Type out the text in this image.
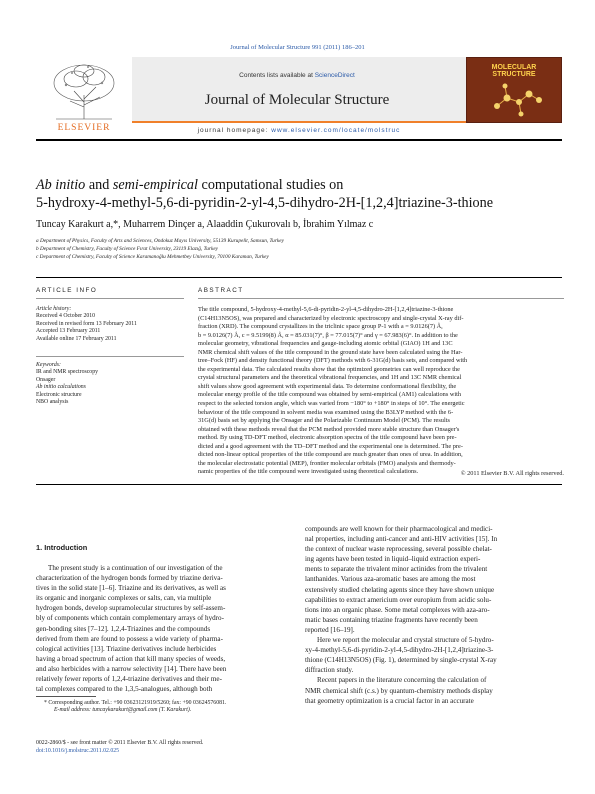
Journal of Molecular Structure 991 (2011) 186–201
ELSEVIER
Contents lists available at ScienceDirect
Journal of Molecular Structure
MOLECULAR
STRUCTURE
journal homepage: www.elsevier.com/locate/molstruc
Ab initio and semi-empirical computational studies on
5-hydroxy-4-methyl-5,6-di-pyridin-2-yl-4,5-dihydro-2H-[1,2,4]triazine-3-thione
Tuncay Karakurt a,*, Muharrem Dinçer a, Alaaddin Çukurovalı b, İbrahim Yılmaz c
a Department of Physics, Faculty of Arts and Sciences, Ondokuz Mayıs University, 55139 Kurupelit, Samsun, Turkey
b Department of Chemistry, Faculty of Science Fırat University, 23119 Elazığ, Turkey
c Department of Chemistry, Faculty of Science Karamanoğlu Mehmetbey University, 70100 Karaman, Turkey
ARTICLE INFO
Article history:
Received 4 October 2010
Received in revised form 13 February 2011
Accepted 13 February 2011
Available online 17 February 2011
Keywords:
IR and NMR spectroscopy
Onsager
Ab initio calculations
Electronic structure
NBO analysis
ABSTRACT
The title compound, 5-hydroxy-4-methyl-5,6-di-pyridin-2-yl-4,5-dihydro-2H-[1,2,4]triazine-3-thione
(C14H13N5OS), was prepared and characterized by electronic spectroscopy and single-crystal X-ray dif-
fraction (XRD). The compound crystallizes in the triclinic space group P-1 with a = 9.0126(7) Å,
b = 9.0126(7) Å, c = 9.5199(8) Å, α = 85.031(7)°, β = 77.015(7)° and γ = 67.983(6)°. In addition to the
molecular geometry, vibrational frequencies and gauge-including atomic orbital (GIAO) 1H and 13C
NMR chemical shift values of the title compound in the ground state have been calculated using the Har-
tree–Fock (HF) and density functional theory (DFT) methods with 6-31G(d) basis sets, and compared with
the experimental data. The calculated results show that the optimized geometries can well reproduce the
crystal structural parameters and the theoretical vibrational frequencies, and 1H and 13C NMR chemical
shift values show good agreement with experimental data. To determine conformational flexibility, the
molecular energy profile of the title compound was obtained by semi-empirical (AM1) calculations with
respect to the selected torsion angle, which was varied from −180° to +180° in steps of 10°. The energetic
behaviour of the title compound in solvent media was examined using the B3LYP method with the 6-
31G(d) basis set by applying the Onsager and the Polarizable Continuum Model (PCM). The results
obtained with these methods reveal that the PCM method provided more stable structure than Onsager's
method. By using TD-DFT method, electronic absorption spectra of the title compound have been pre-
dicted and a good agreement with the TD–DFT method and the experimental one is determined. The pre-
dicted non-linear optical properties of the title compound are much greater than ones of urea. In addition,
the molecular electrostatic potential (MEP), frontier molecular orbitals (FMO) analysis and thermody-
namic properties of the title compound were investigated using theoretical calculations.	© 2011 Elsevier B.V. All rights reserved.
1. Introduction
The present study is a continuation of our investigation of the
characterization of the hydrogen bonds formed by triazine deriva-
tives in the solid state [1–6]. Triazine and its derivatives, as well as
its organic and inorganic complexes or salts, can, via multiple
hydrogen bonds, develop supramolecular structures by self-assem-
bly of components which contain complementary arrays of hydro-
gen-bonding sites [7–12]. 1,2,4-Triazines and the compounds
derived from them are found to possess a wide variety of pharma-
cological activities [13]. Triazine derivatives include herbicides
having a broad spectrum of action that kill many species of weeds,
and also herbicides with a narrow selectivity [14]. There have been
relatively fewer reports of 1,2,4-triazine derivatives and their me-
tal complexes compared to the 1,3,5-analogues, although both
compounds are well known for their pharmacological and medici-
nal properties, including anti-cancer and anti-HIV activities [15]. In
the context of nuclear waste reprocessing, several possible chelat-
ing agents have been tested in liquid–liquid extraction experi-
ments to separate the trivalent minor actinides from the trivalent
lanthanides. Various aza-aromatic bases are among the most
extensively studied chelating agents since they have shown unique
capabilities to extract americium over europium from acidic solu-
tions into an organic phase. Some metal complexes with aza-aro-
matic bases containing triazine fragments have recently been
reported [16–19].
Here we report the molecular and crystal structure of 5-hydro-
xy-4-methyl-5,6-di-pyridin-2-yl-4,5-dihydro-2H-[1,2,4]triazine-3-
thione (C14H13N5OS) (Fig. 1), determined by single-crystal X-ray
diffraction study.
Recent papers in the literature concerning the calculation of
NMR chemical shift (c.s.) by quantum-chemistry methods display
that geometry optimization is a crucial factor in an accurate
* Corresponding author. Tel.: +90 03623121919/5260; fax: +90 03624576081.
E-mail address: tuncaykarakurt@gmail.com (T. Karakurt).
0022-2860/$ - see front matter © 2011 Elsevier B.V. All rights reserved.
doi:10.1016/j.molstruc.2011.02.025
